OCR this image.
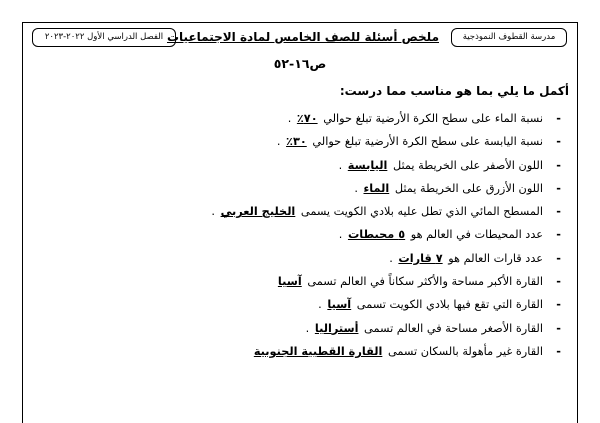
مدرسة القطوف النموذجية
ملخص أسئلة للصف الخامس لمادة الاجتماعيات
الفصل الدراسي الأول ٢٠٢٢-٢٠٢٣
ص١٦-٥٢
أكمل ما يلي بما هو مناسب مما درست:
- نسبة الماء على سطح الكرة الأرضية تبلغ حوالي ٧٠٪ .
- نسبة اليابسة على سطح الكرة الأرضية تبلغ حوالي ٣٠٪ .
- اللون الأصفر على الخريطة يمثل اليابسة .
- اللون الأزرق على الخريطة يمثل الماء .
- المسطح المائي الذي تطل عليه بلادي الكويت يسمى الخليج العربي .
- عدد المحيطات في العالم هو ٥ محيطات .
- عدد قارات العالم هو ٧ قارات .
- القارة الأكبر مساحة والأكثر سكاناً في العالم تسمى آسيا
- القارة التي تقع فيها بلادي الكويت تسمى آسيا .
- القارة الأصغر مساحة في العالم تسمى أستراليا .
- القارة غير مأهولة بالسكان تسمى القارة القطبية الجنوبية
